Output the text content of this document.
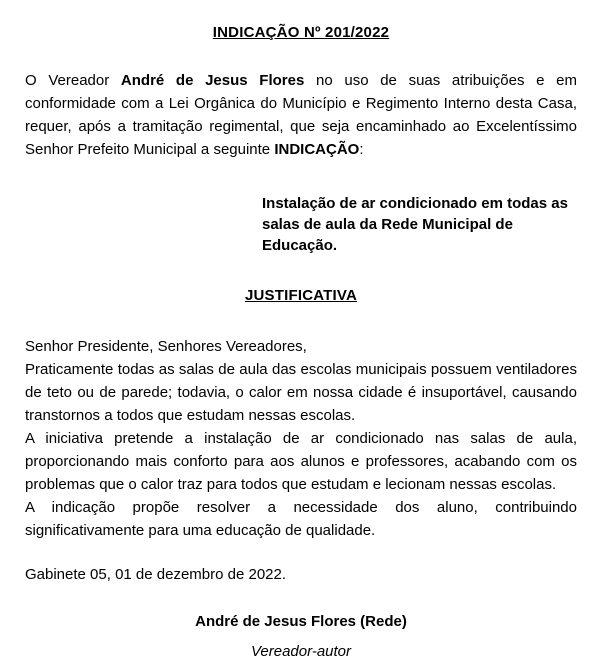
INDICAÇÃO Nº 201/2022

O Vereador André de Jesus Flores no uso de suas atribuições e em conformidade com a Lei Orgânica do Município e Regimento Interno desta Casa, requer, após a tramitação regimental, que seja encaminhado ao Excelentíssimo Senhor Prefeito Municipal a seguinte INDICAÇÃO:

Instalação de ar condicionado em todas as salas de aula da Rede Municipal de Educação.

JUSTIFICATIVA

Senhor Presidente, Senhores Vereadores,

Praticamente todas as salas de aula das escolas municipais possuem ventiladores de teto ou de parede; todavia, o calor em nossa cidade é insuportável, causando transtornos a todos que estudam nessas escolas.

A iniciativa pretende a instalação de ar condicionado nas salas de aula, proporcionando mais conforto para aos alunos e professores, acabando com os problemas que o calor traz para todos que estudam e lecionam nessas escolas.

A indicação propõe resolver a necessidade dos aluno, contribuindo significativamente para uma educação de qualidade.

Gabinete 05, 01 de dezembro de 2022.

André de Jesus Flores (Rede)

Vereador-autor
